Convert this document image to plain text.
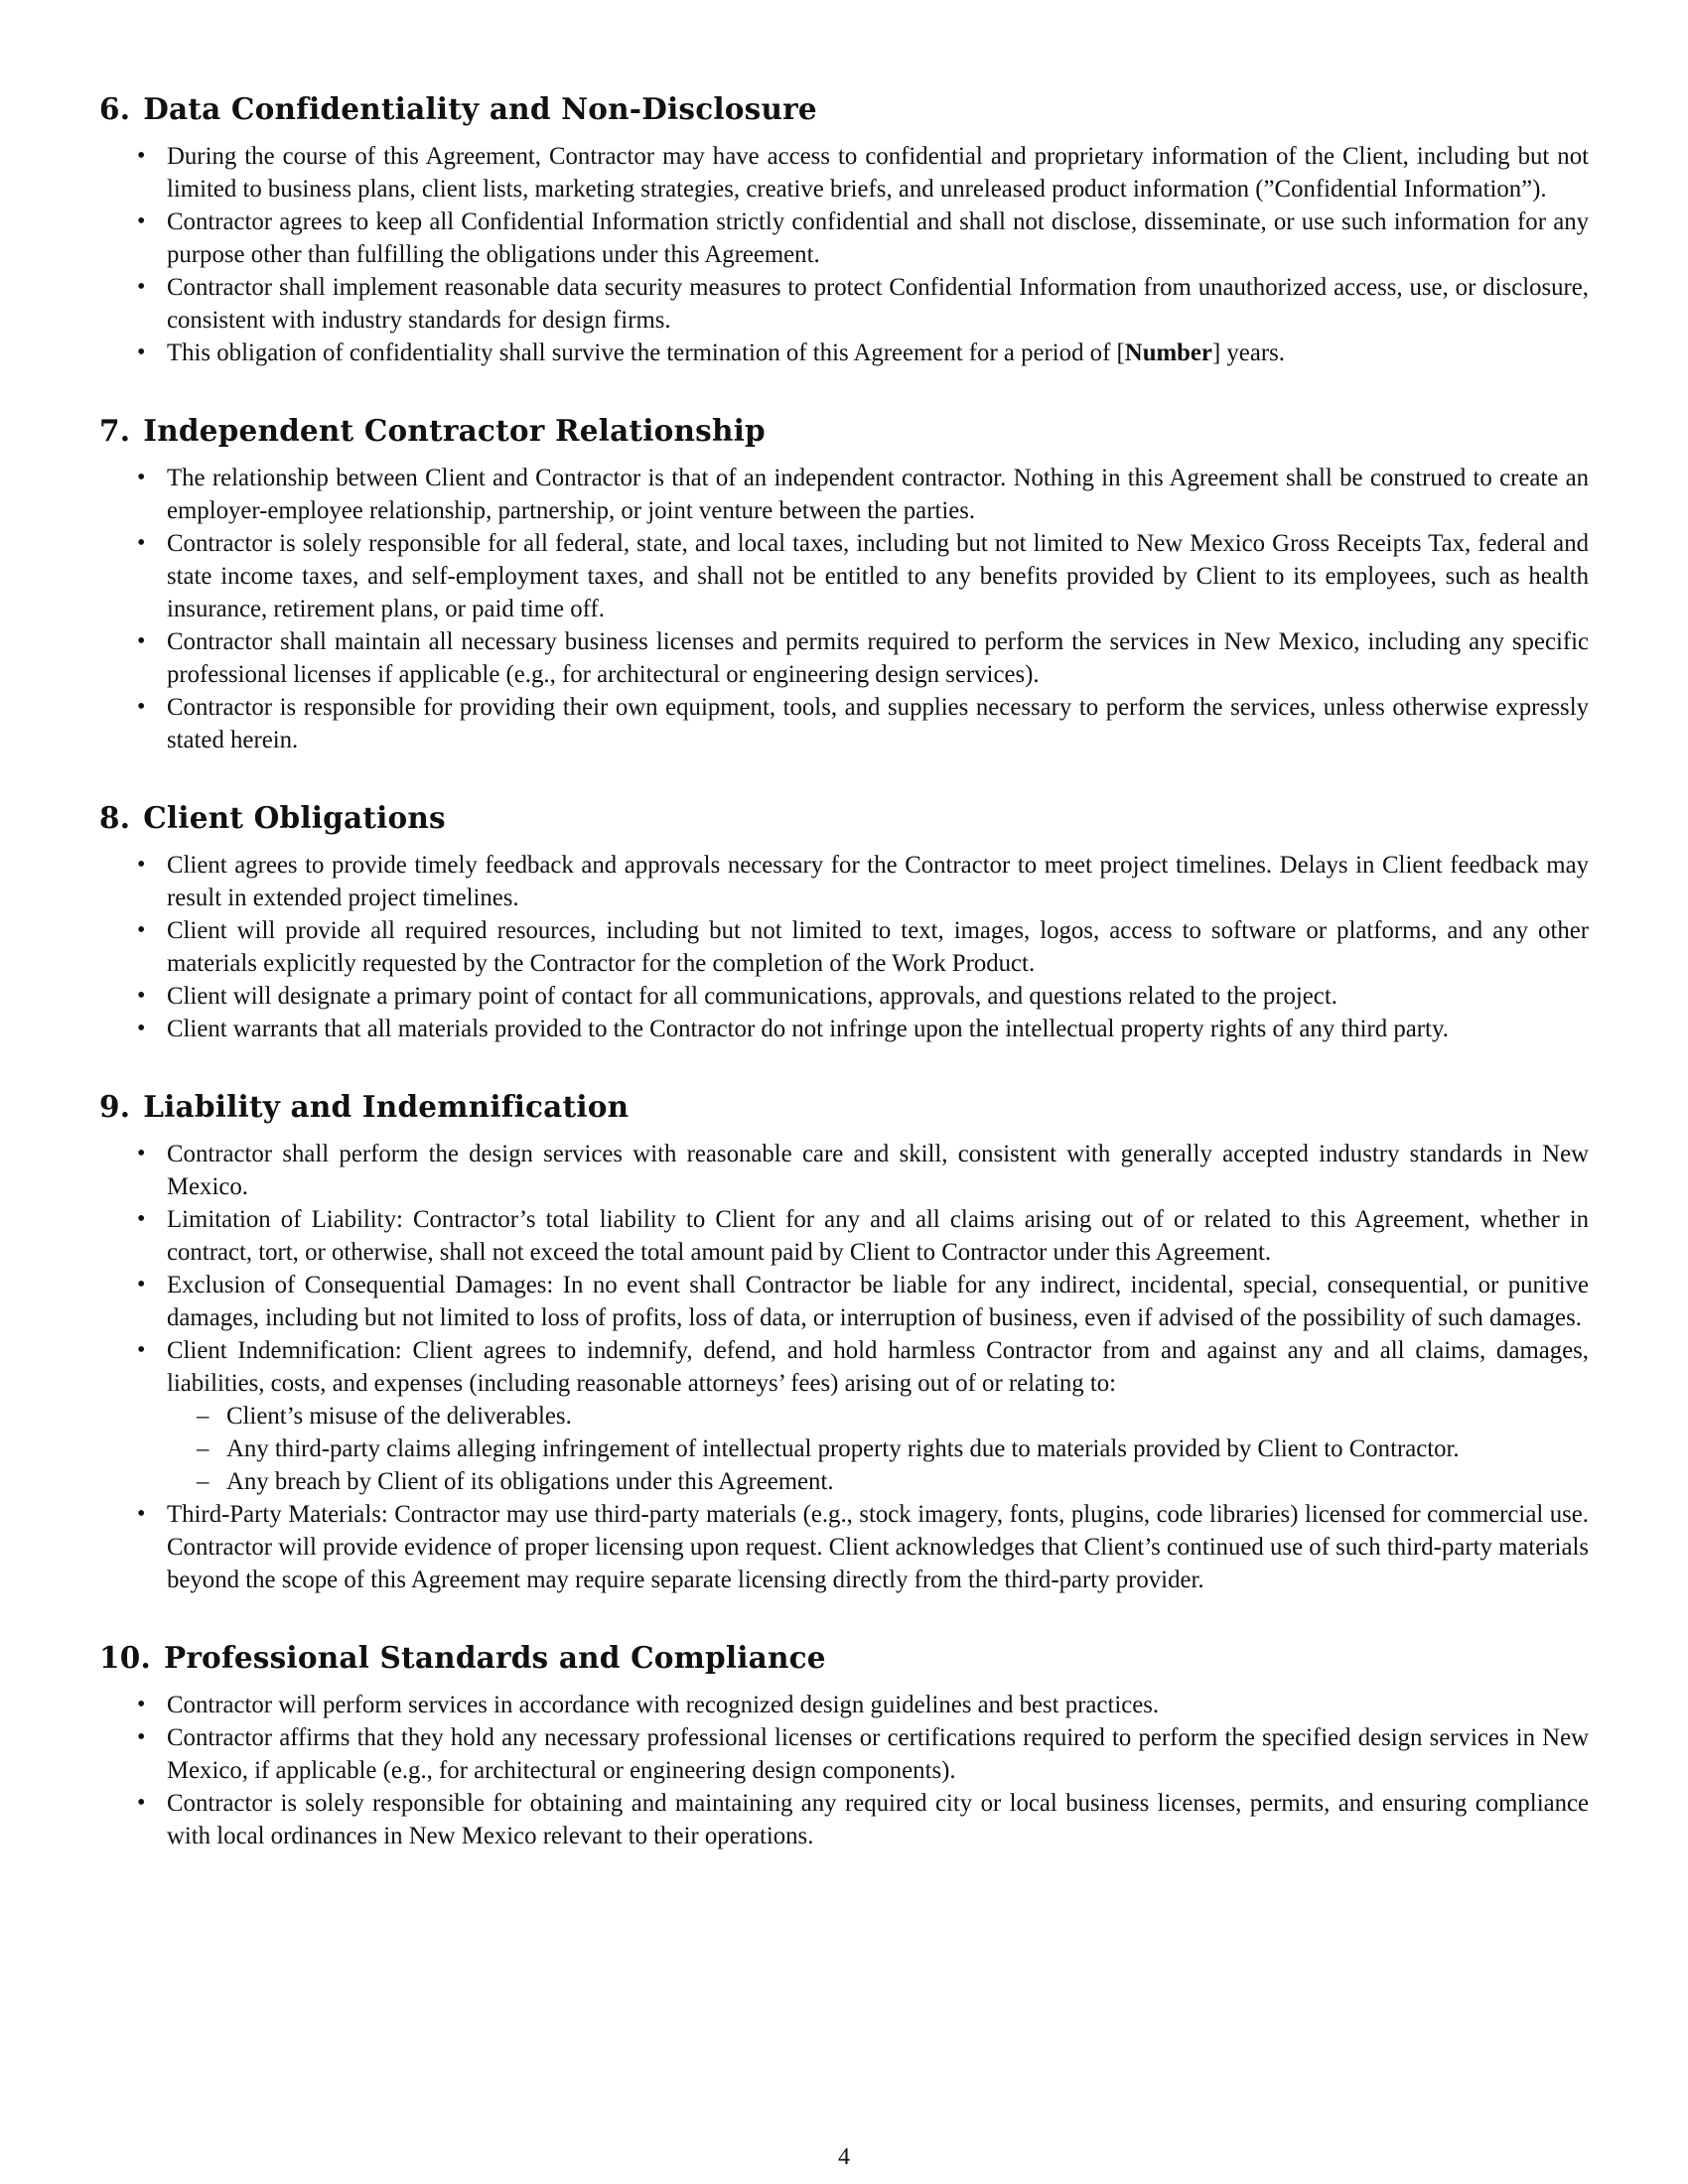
6. Data Confidentiality and Non-Disclosure
• During the course of this Agreement, Contractor may have access to confidential and proprietary information of the Client, including but not limited to business plans, client lists, marketing strategies, creative briefs, and unreleased product information (”Confidential Information”).
• Contractor agrees to keep all Confidential Information strictly confidential and shall not disclose, disseminate, or use such information for any purpose other than fulfilling the obligations under this Agreement.
• Contractor shall implement reasonable data security measures to protect Confidential Information from unauthorized access, use, or disclosure, consistent with industry standards for design firms.
• This obligation of confidentiality shall survive the termination of this Agreement for a period of [Number] years.
7. Independent Contractor Relationship
• The relationship between Client and Contractor is that of an independent contractor. Nothing in this Agreement shall be construed to create an employer-employee relationship, partnership, or joint venture between the parties.
• Contractor is solely responsible for all federal, state, and local taxes, including but not limited to New Mexico Gross Receipts Tax, federal and state income taxes, and self-employment taxes, and shall not be entitled to any benefits provided by Client to its employees, such as health insurance, retirement plans, or paid time off.
• Contractor shall maintain all necessary business licenses and permits required to perform the services in New Mexico, including any specific professional licenses if applicable (e.g., for architectural or engineering design services).
• Contractor is responsible for providing their own equipment, tools, and supplies necessary to perform the services, unless otherwise expressly stated herein.
8. Client Obligations
• Client agrees to provide timely feedback and approvals necessary for the Contractor to meet project timelines. Delays in Client feedback may result in extended project timelines.
• Client will provide all required resources, including but not limited to text, images, logos, access to software or platforms, and any other materials explicitly requested by the Contractor for the completion of the Work Product.
• Client will designate a primary point of contact for all communications, approvals, and questions related to the project.
• Client warrants that all materials provided to the Contractor do not infringe upon the intellectual property rights of any third party.
9. Liability and Indemnification
• Contractor shall perform the design services with reasonable care and skill, consistent with generally accepted industry standards in New Mexico.
• Limitation of Liability: Contractor’s total liability to Client for any and all claims arising out of or related to this Agreement, whether in contract, tort, or otherwise, shall not exceed the total amount paid by Client to Contractor under this Agreement.
• Exclusion of Consequential Damages: In no event shall Contractor be liable for any indirect, incidental, special, consequential, or punitive damages, including but not limited to loss of profits, loss of data, or interruption of business, even if advised of the possibility of such damages.
• Client Indemnification: Client agrees to indemnify, defend, and hold harmless Contractor from and against any and all claims, damages, liabilities, costs, and expenses (including reasonable attorneys’ fees) arising out of or relating to:
– Client’s misuse of the deliverables.
– Any third-party claims alleging infringement of intellectual property rights due to materials provided by Client to Contractor.
– Any breach by Client of its obligations under this Agreement.
• Third-Party Materials: Contractor may use third-party materials (e.g., stock imagery, fonts, plugins, code libraries) licensed for commercial use. Contractor will provide evidence of proper licensing upon request. Client acknowledges that Client’s continued use of such third-party materials beyond the scope of this Agreement may require separate licensing directly from the third-party provider.
10. Professional Standards and Compliance
• Contractor will perform services in accordance with recognized design guidelines and best practices.
• Contractor affirms that they hold any necessary professional licenses or certifications required to perform the specified design services in New Mexico, if applicable (e.g., for architectural or engineering design components).
• Contractor is solely responsible for obtaining and maintaining any required city or local business licenses, permits, and ensuring compliance with local ordinances in New Mexico relevant to their operations.
4
